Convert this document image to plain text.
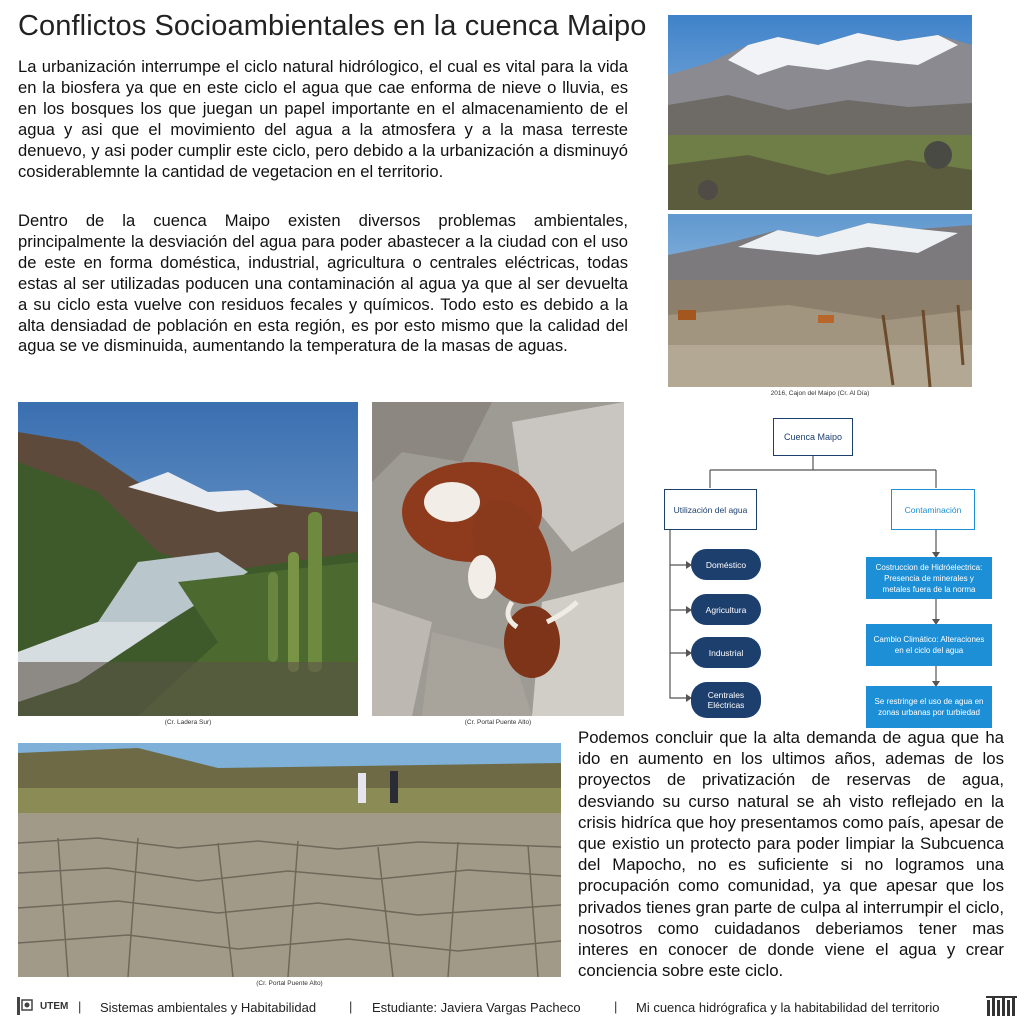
Conflictos Socioambientales en la cuenca Maipo
La urbanización interrumpe el ciclo natural hidrólogico, el cual es vital para la vida en la biosfera ya que en este ciclo el agua que cae enforma de nieve o lluvia, es en los bosques los que juegan un papel importante en el almacenamiento de el agua y asi que el movimiento del agua a la atmosfera y a la masa terreste denuevo, y asi poder cumplir este ciclo, pero debido a la urbanización a disminuyó cosiderablemnte la cantidad de vegetacion en el territorio.
Dentro de la cuenca Maipo existen diversos problemas ambientales, principalmente la desviación del agua para poder abastecer a la ciudad con el uso de este en forma doméstica, industrial, agricultura o centrales eléctricas, todas estas al ser utilizadas poducen una contaminación al agua ya que al ser devuelta a su ciclo esta vuelve con residuos fecales y químicos. Todo esto es debido a la alta densiadad de población en esta región, es por esto mismo que la calidad del agua se ve disminuida, aumentando la temperatura de la masas de aguas.
2016, Cajon del Maipo (Cr. Al Día)
(Cr. Ladera Sur)	(Cr. Portal Puente Alto)
(Cr. Portal Puente Alto)
Cuenca Maipo
Utilización del agua	Contaminación
Doméstico
Agricultura
Industrial
Centrales Eléctricas
Costruccion de Hidróelectrica: Presencia de minerales y metales fuera de la norma
Cambio Climático: Alteraciones en el ciclo del agua
Se restringe el uso de agua en zonas urbanas por turbiedad
Podemos concluir que la alta demanda de agua que ha ido en aumento en los ultimos años, ademas de los proyectos de privatización de reservas de agua, desviando su curso natural se ah visto reflejado en la crisis hidríca que hoy presentamos como país, apesar de que existio un protecto para poder limpiar la Subcuenca del Mapocho, no es suficiente si no logramos una procupación como comunidad, ya que apesar que los privados tienes gran parte de culpa al interrumpir el ciclo, nosotros como cuidadanos deberiamos tener mas interes en conocer de donde viene el agua y crear conciencia sobre este ciclo.
UTEM | Sistemas ambientales y Habitabilidad	| Estudiante: Javiera Vargas Pacheco	| Mi cuenca hidrógrafica y la habitabilidad del territorio
